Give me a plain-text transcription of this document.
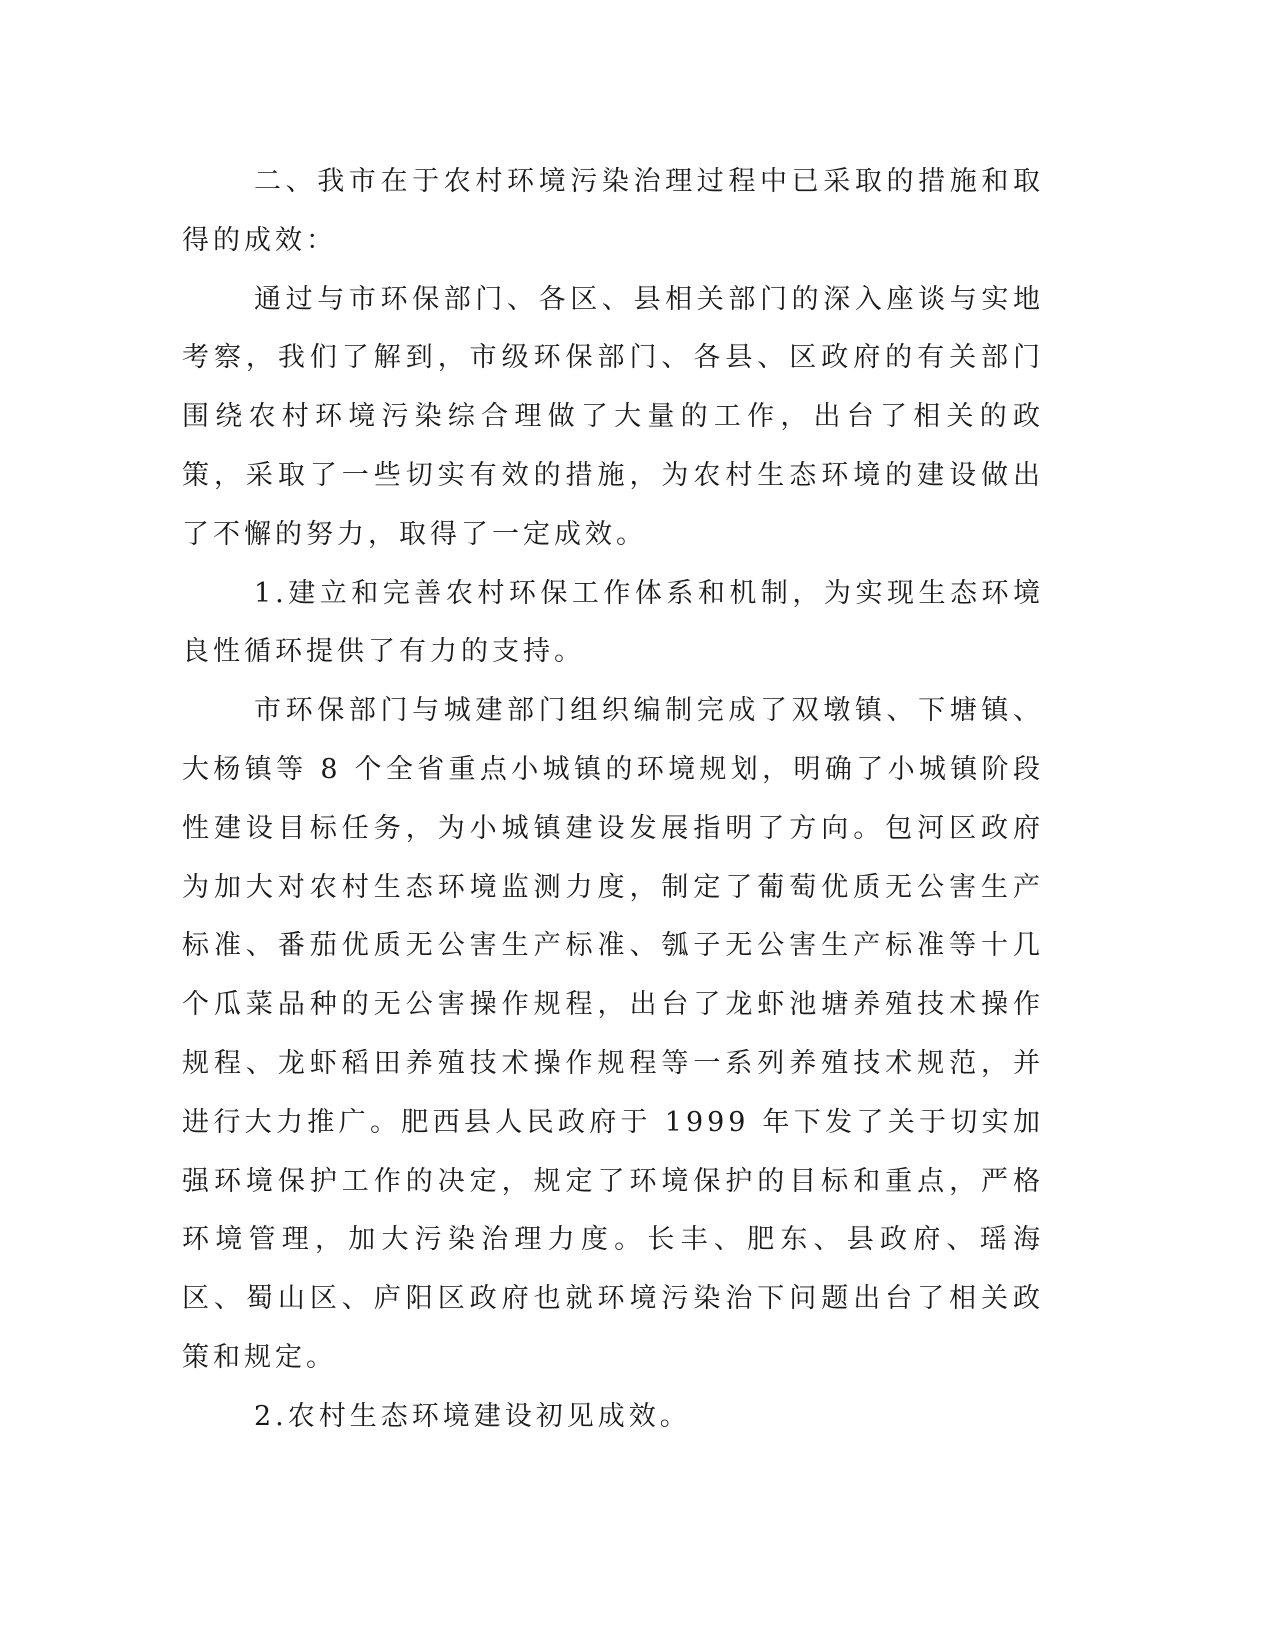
二、我市在于农村环境污染治理过程中已采取的措施和取得的成效：

通过与市环保部门、各区、县相关部门的深入座谈与实地考察，我们了解到，市级环保部门、各县、区政府的有关部门围绕农村环境污染综合理做了大量的工作，出台了相关的政策，采取了一些切实有效的措施，为农村生态环境的建设做出了不懈的努力，取得了一定成效。

1.建立和完善农村环保工作体系和机制，为实现生态环境良性循环提供了有力的支持。

市环保部门与城建部门组织编制完成了双墩镇、下塘镇、大杨镇等 8 个全省重点小城镇的环境规划，明确了小城镇阶段性建设目标任务，为小城镇建设发展指明了方向。包河区政府为加大对农村生态环境监测力度，制定了葡萄优质无公害生产标准、番茄优质无公害生产标准、瓠子无公害生产标准等十几个瓜菜品种的无公害操作规程，出台了龙虾池塘养殖技术操作规程、龙虾稻田养殖技术操作规程等一系列养殖技术规范，并进行大力推广。肥西县人民政府于 1999 年下发了关于切实加强环境保护工作的决定，规定了环境保护的目标和重点，严格环境管理，加大污染治理力度。长丰、肥东、县政府、瑶海区、蜀山区、庐阳区政府也就环境污染治下问题出台了相关政策和规定。

2.农村生态环境建设初见成效。
